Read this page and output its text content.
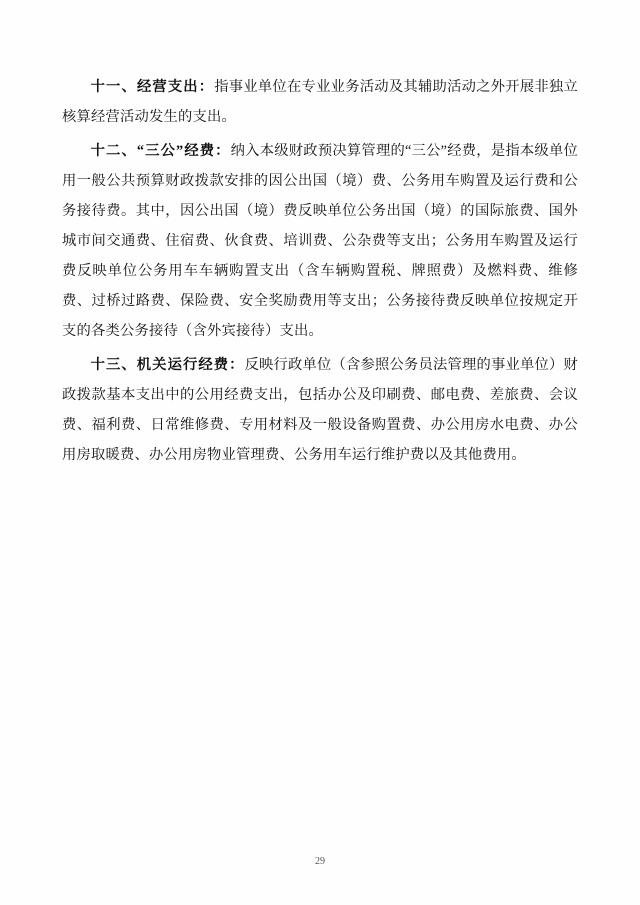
十一、经营支出：指事业单位在专业业务活动及其辅助活动之外开展非独立核算经营活动发生的支出。

十二、“三公”经费：纳入本级财政预决算管理的“三公”经费，是指本级单位用一般公共预算财政拨款安排的因公出国（境）费、公务用车购置及运行费和公务接待费。其中，因公出国（境）费反映单位公务出国（境）的国际旅费、国外城市间交通费、住宿费、伙食费、培训费、公杂费等支出；公务用车购置及运行费反映单位公务用车车辆购置支出（含车辆购置税、牌照费）及燃料费、维修费、过桥过路费、保险费、安全奖励费用等支出；公务接待费反映单位按规定开支的各类公务接待（含外宾接待）支出。

十三、机关运行经费：反映行政单位（含参照公务员法管理的事业单位）财政拨款基本支出中的公用经费支出，包括办公及印刷费、邮电费、差旅费、会议费、福利费、日常维修费、专用材料及一般设备购置费、办公用房水电费、办公用房取暖费、办公用房物业管理费、公务用车运行维护费以及其他费用。

29
